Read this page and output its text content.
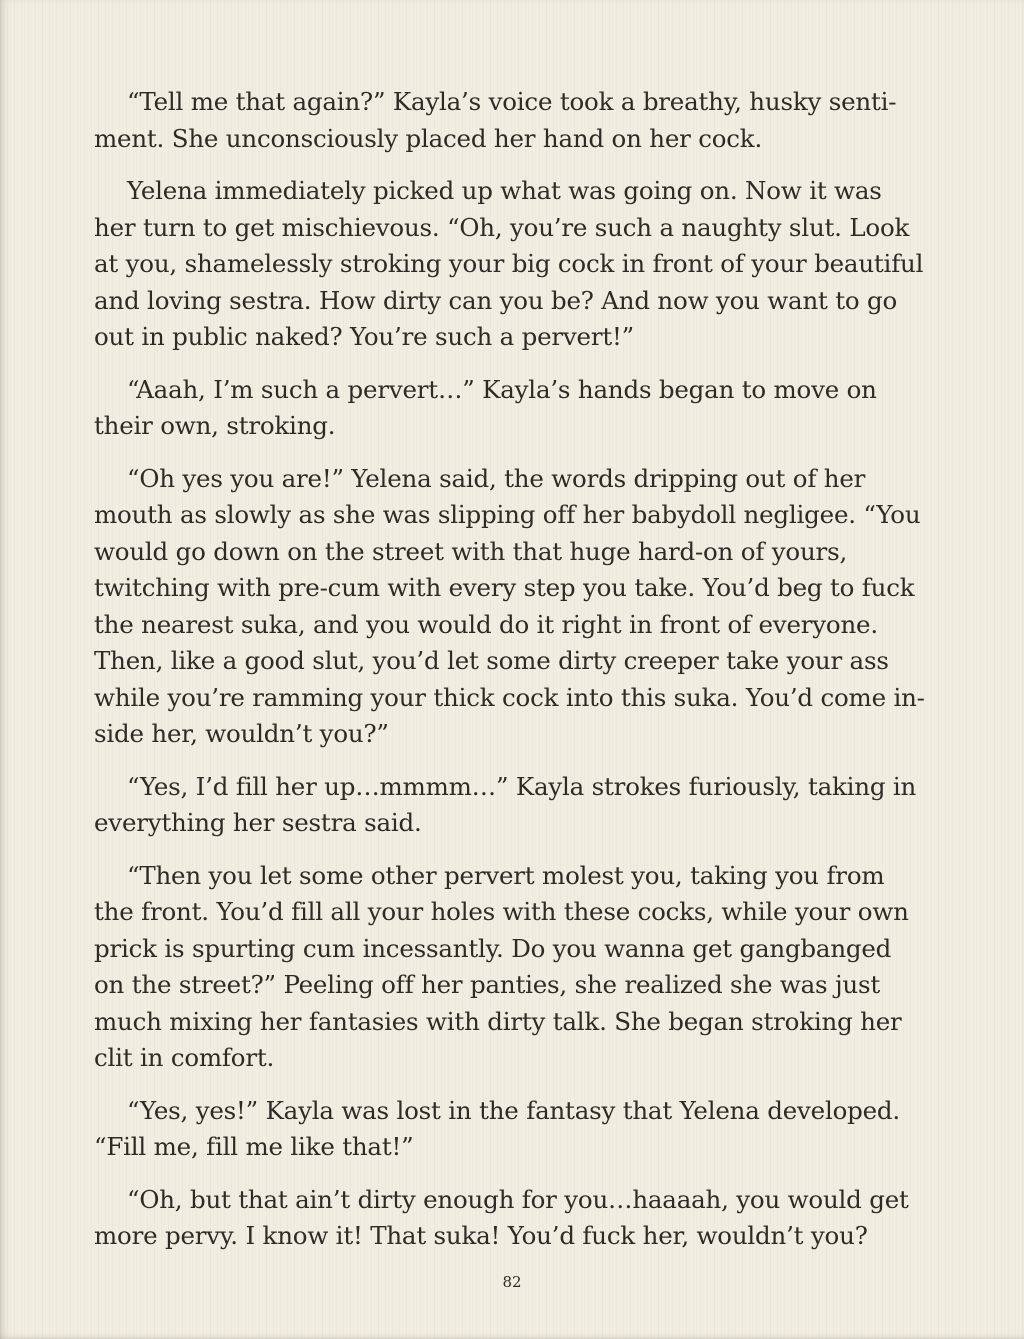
“Tell me that again?” Kayla’s voice took a breathy, husky senti-
ment. She unconsciously placed her hand on her cock.
Yelena immediately picked up what was going on. Now it was
her turn to get mischievous. “Oh, you’re such a naughty slut. Look
at you, shamelessly stroking your big cock in front of your beautiful
and loving sestra. How dirty can you be? And now you want to go
out in public naked? You’re such a pervert!”
“Aaah, I’m such a pervert…” Kayla’s hands began to move on
their own, stroking.
“Oh yes you are!” Yelena said, the words dripping out of her
mouth as slowly as she was slipping off her babydoll negligee. “You
would go down on the street with that huge hard-on of yours,
twitching with pre-cum with every step you take. You’d beg to fuck
the nearest suka, and you would do it right in front of everyone.
Then, like a good slut, you’d let some dirty creeper take your ass
while you’re ramming your thick cock into this suka. You’d come in-
side her, wouldn’t you?”
“Yes, I’d fill her up…mmmm…” Kayla strokes furiously, taking in
everything her sestra said.
“Then you let some other pervert molest you, taking you from
the front. You’d fill all your holes with these cocks, while your own
prick is spurting cum incessantly. Do you wanna get gangbanged
on the street?” Peeling off her panties, she realized she was just
much mixing her fantasies with dirty talk. She began stroking her
clit in comfort.
“Yes, yes!” Kayla was lost in the fantasy that Yelena developed.
“Fill me, fill me like that!”
“Oh, but that ain’t dirty enough for you…haaaah, you would get
more pervy. I know it! That suka! You’d fuck her, wouldn’t you?
82
